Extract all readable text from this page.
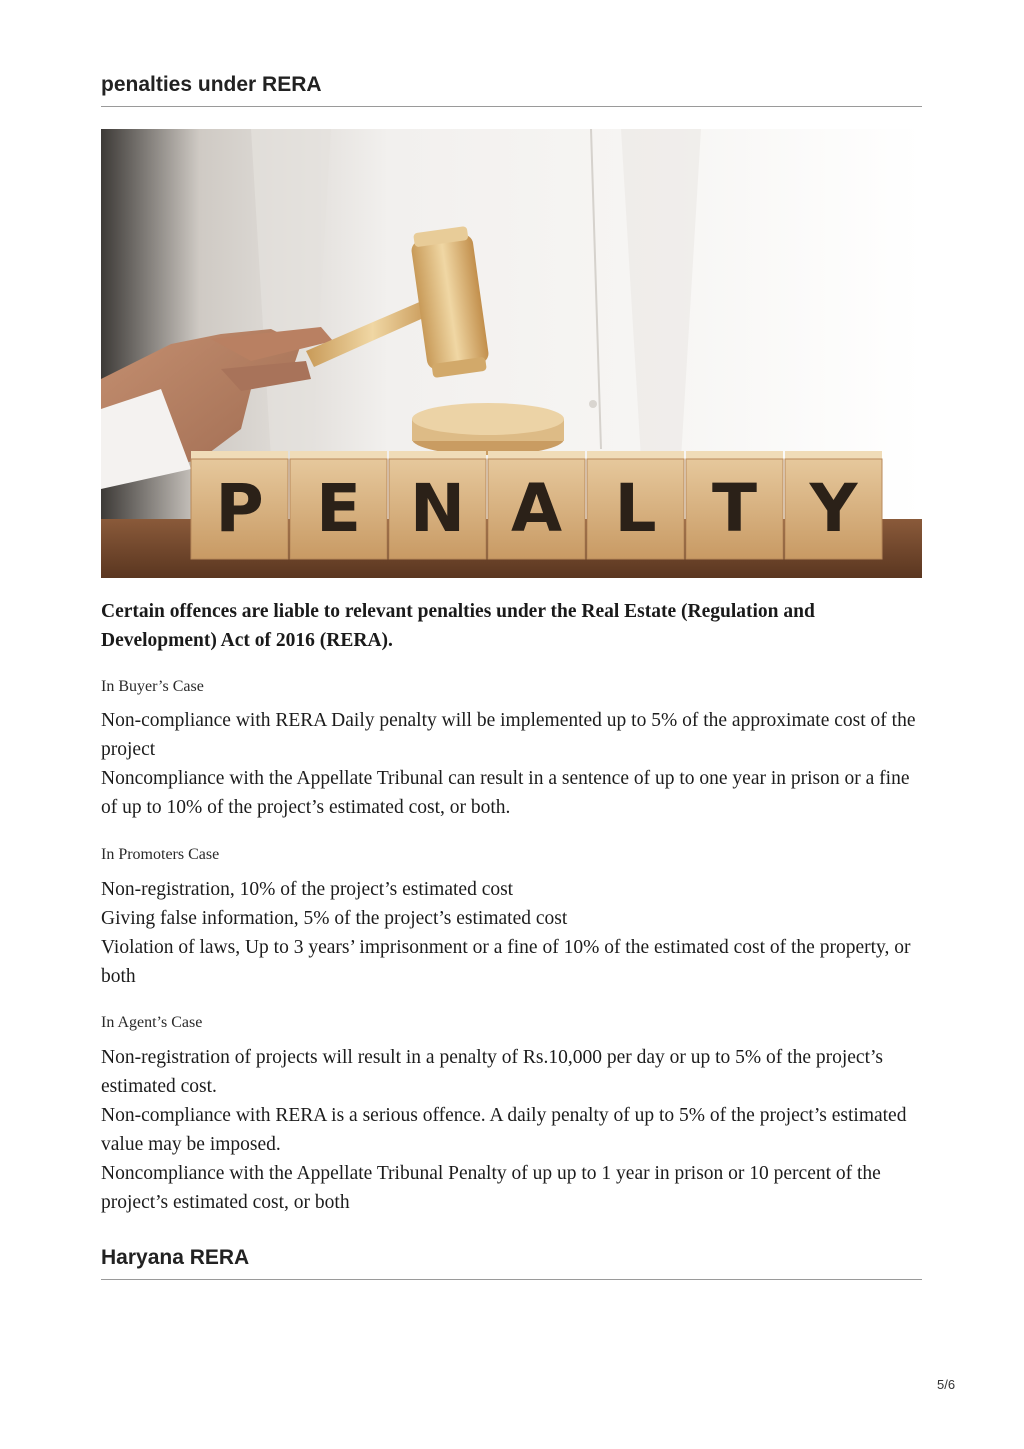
penalties under RERA
P E N A L T Y

Certain offences are liable to relevant penalties under the Real Estate (Regulation and Development) Act of 2016 (RERA).

In Buyer’s Case

Non-compliance with RERA Daily penalty will be implemented up to 5% of the approximate cost of the project
Noncompliance with the Appellate Tribunal can result in a sentence of up to one year in prison or a fine of up to 10% of the project’s estimated cost, or both.

In Promoters Case

Non-registration, 10% of the project’s estimated cost
Giving false information, 5% of the project’s estimated cost
Violation of laws, Up to 3 years’ imprisonment or a fine of 10% of the estimated cost of the property, or both

In Agent’s Case

Non-registration of projects will result in a penalty of Rs.10,000 per day or up to 5% of the project’s estimated cost.
Non-compliance with RERA is a serious offence. A daily penalty of up to 5% of the project’s estimated value may be imposed.
Noncompliance with the Appellate Tribunal Penalty of up up to 1 year in prison or 10 percent of the project’s estimated cost, or both
Haryana RERA
5/6
